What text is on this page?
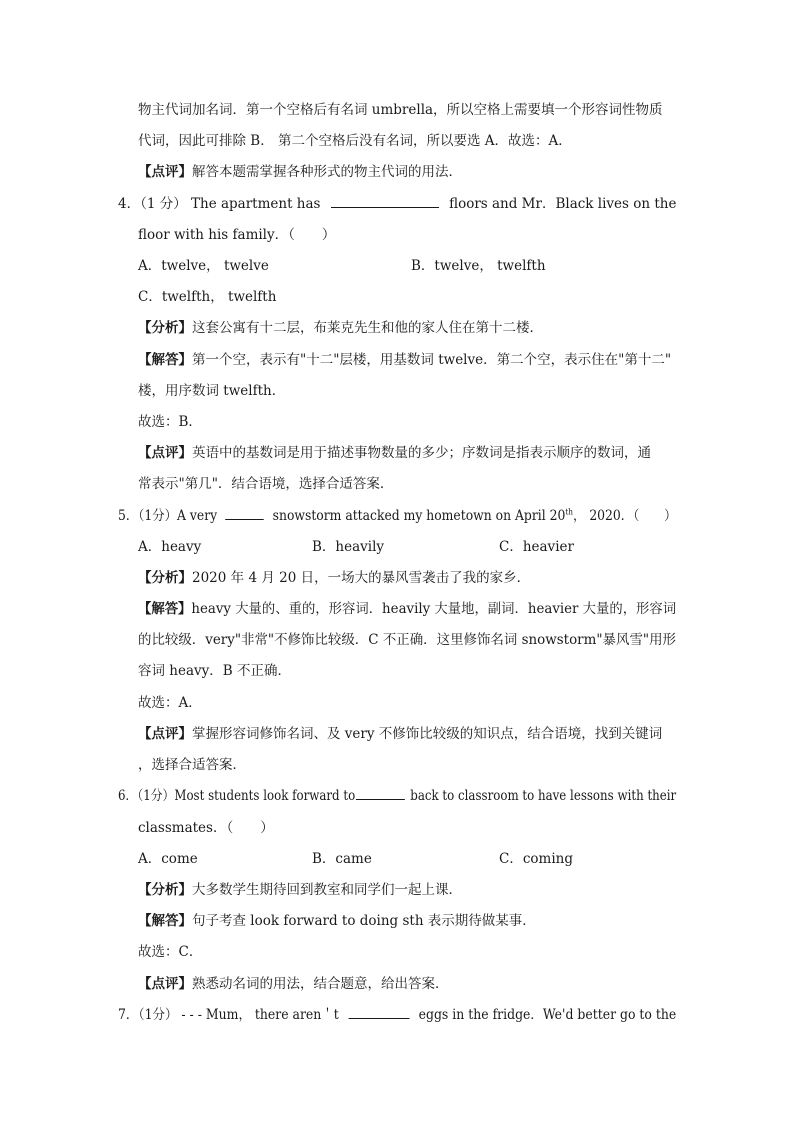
物主代词加名词．第一个空格后有名词 umbrella，所以空格上需要填一个形容词性物质
代词，因此可排除 B． 第二个空格后没有名词，所以要选 A．故选：A．
【点评】解答本题需掌握各种形式的物主代词的用法．
4．（1 分） The apartment has	floors and Mr．Black lives on the
floor with his family．（　　）
A．twelve， twelve	B．twelve， twelfth
C．twelfth， twelfth
【分析】这套公寓有十二层，布莱克先生和他的家人住在第十二楼．
【解答】第一个空，表示有"十二"层楼，用基数词 twelve．第二个空，表示住在"第十二"
楼，用序数词 twelfth．
故选：B．
【点评】英语中的基数词是用于描述事物数量的多少；序数词是指表示顺序的数词，通
常表示"第几"．结合语境，选择合适答案．
5．（1分）A very	snowstorm attacked my hometown on April 20th， 2020．（　　）
A．heavy	B．heavily	C．heavier
【分析】2020 年 4 月 20 日，一场大的暴风雪袭击了我的家乡．
【解答】heavy 大量的、重的，形容词．heavily 大量地，副词．heavier 大量的，形容词
的比较级．very"非常"不修饰比较级．C 不正确．这里修饰名词 snowstorm"暴风雪"用形
容词 heavy．B 不正确．
故选：A．
【点评】掌握形容词修饰名词、及 very 不修饰比较级的知识点，结合语境，找到关键词
，选择合适答案．
6．（1分）Most students look forward to	back to classroom to have lessons with their
classmates．（　　）
A．come	B．came	C．coming
【分析】大多数学生期待回到教室和同学们一起上课．
【解答】句子考查 look forward to doing sth 表示期待做某事．
故选：C．
【点评】熟悉动名词的用法，结合题意，给出答案．
7．（1分） - - - Mum， there aren＇t	eggs in the fridge．We'd better go to the
